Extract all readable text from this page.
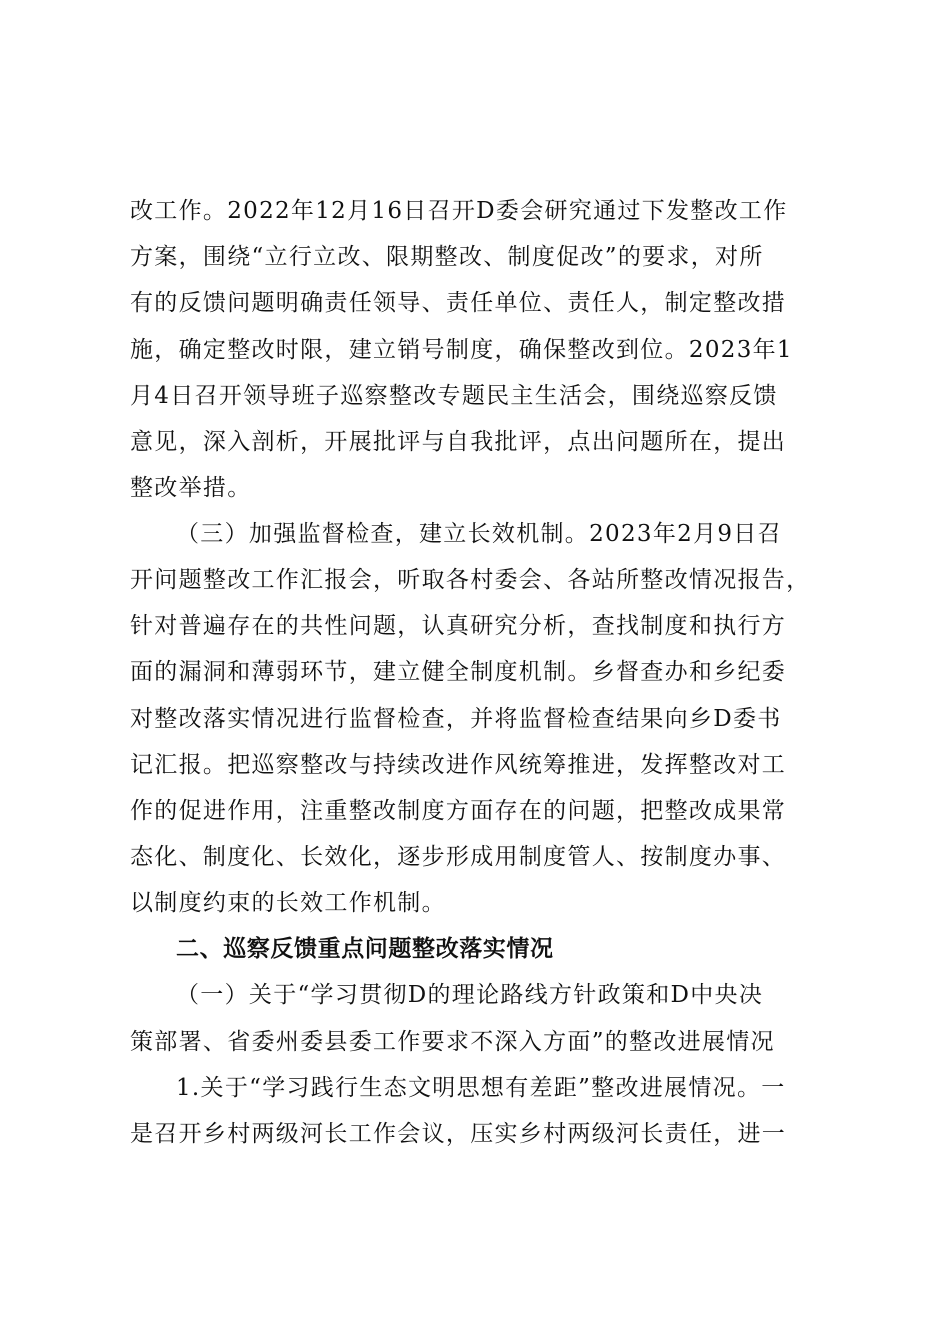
改工作。2022年12月16日召开D委会研究通过下发整改工作
方案，围绕“立行立改、限期整改、制度促改”的要求，对所
有的反馈问题明确责任领导、责任单位、责任人，制定整改措
施，确定整改时限，建立销号制度，确保整改到位。2023年1
月4日召开领导班子巡察整改专题民主生活会，围绕巡察反馈
意见，深入剖析，开展批评与自我批评，点出问题所在，提出
整改举措。
（三）加强监督检查，建立长效机制。2023年2月9日召
开问题整改工作汇报会，听取各村委会、各站所整改情况报告，
针对普遍存在的共性问题，认真研究分析，查找制度和执行方
面的漏洞和薄弱环节，建立健全制度机制。乡督查办和乡纪委
对整改落实情况进行监督检查，并将监督检查结果向乡D委书
记汇报。把巡察整改与持续改进作风统筹推进，发挥整改对工
作的促进作用，注重整改制度方面存在的问题，把整改成果常
态化、制度化、长效化，逐步形成用制度管人、按制度办事、
以制度约束的长效工作机制。
二、巡察反馈重点问题整改落实情况
（一）关于“学习贯彻D的理论路线方针政策和D中央决
策部署、省委州委县委工作要求不深入方面”的整改进展情况
1.关于“学习践行生态文明思想有差距”整改进展情况。一
是召开乡村两级河长工作会议，压实乡村两级河长责任，进一
